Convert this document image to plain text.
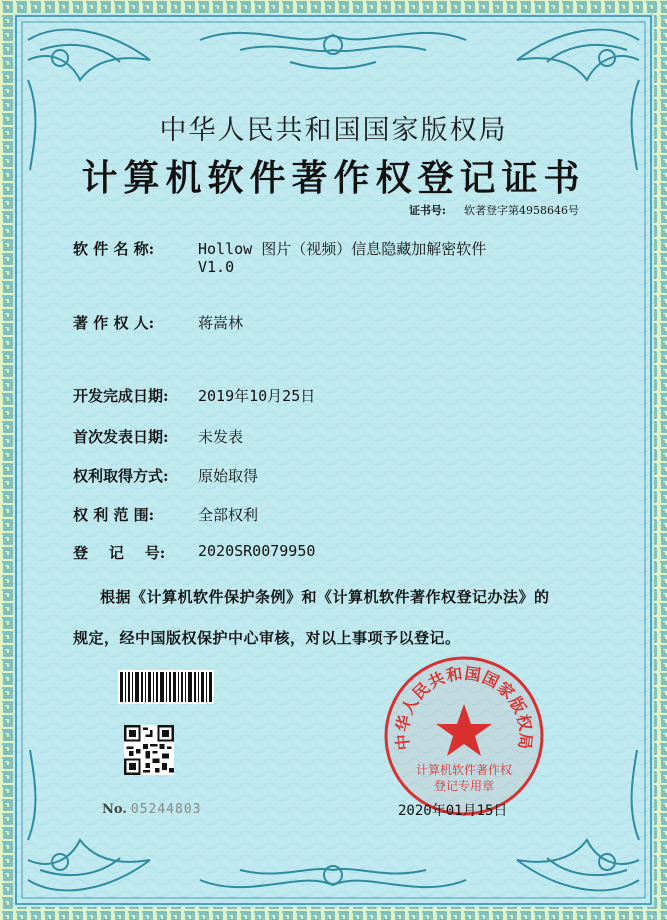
中华人民共和国国家版权局
计算机软件著作权登记证书
证书号: 软著登字第4958646号
软 件 名 称:	Hollow 图片（视频）信息隐藏加解密软件
V1.0
著 作 权 人:	蒋嵩林
开发完成日期: 2019年10月25日
首次发表日期: 未发表
权利取得方式: 原始取得
权 利 范 围:	全部权利
登    记    号: 2020SR0079950
根据《计算机软件保护条例》和《计算机软件著作权登记办法》的
规定，经中国版权保护中心审核，对以上事项予以登记。
No. 05244803
中华人民共和国国家版权局
计算机软件著作权
登记专用章
2020年01月15日
